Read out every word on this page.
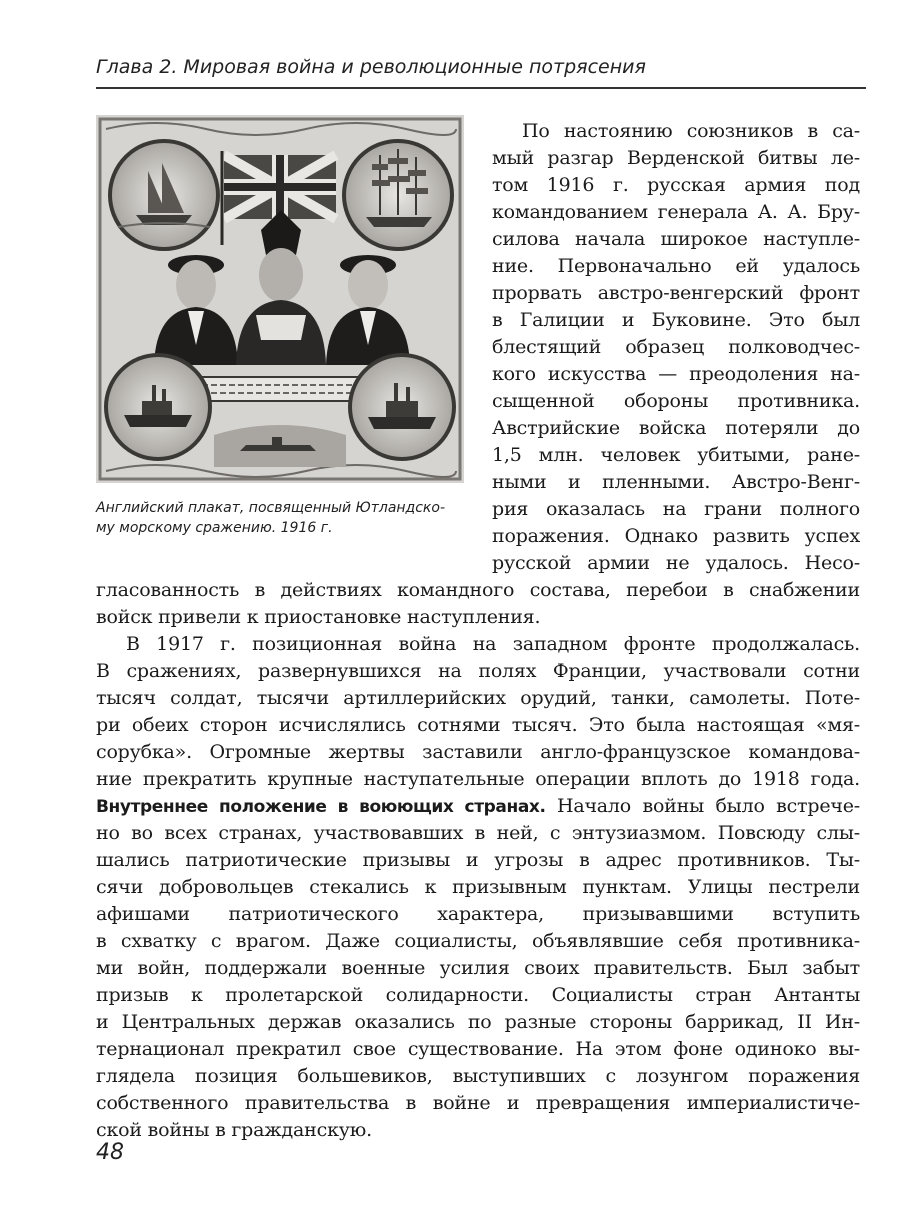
Глава 2. Мировая война и революционные потрясения
Английский плакат, посвященный Ютландско-
му морскому сражению. 1916 г.
По настоянию союзников в са-
мый разгар Верденской битвы ле-
том 1916 г. русская армия под
командованием генерала А. А. Бру-
силова начала широкое наступле-
ние. Первоначально ей удалось
прорвать австро-венгерский фронт
в Галиции и Буковине. Это был
блестящий образец полководчес-
кого искусства — преодоления на-
сыщенной обороны противника.
Австрийские войска потеряли до
1,5 млн. человек убитыми, ране-
ными и пленными. Австро-Венг-
рия оказалась на грани полного
поражения. Однако развить успех
русской армии не удалось. Несо-
гласованность в действиях командного состава, перебои в снабжении
войск привели к приостановке наступления.
В 1917 г. позиционная война на западном фронте продолжалась.
В сражениях, развернувшихся на полях Франции, участвовали сотни
тысяч солдат, тысячи артиллерийских орудий, танки, самолеты. Поте-
ри обеих сторон исчислялись сотнями тысяч. Это была настоящая «мя-
сорубка». Огромные жертвы заставили англо-французское командова-
ние прекратить крупные наступательные операции вплоть до 1918 года.
Внутреннее положение в воюющих странах. Начало войны было встрече-
но во всех странах, участвовавших в ней, с энтузиазмом. Повсюду слы-
шались патриотические призывы и угрозы в адрес противников. Ты-
сячи добровольцев стекались к призывным пунктам. Улицы пестрели
афишами патриотического характера, призывавшими вступить
в схватку с врагом. Даже социалисты, объявлявшие себя противника-
ми войн, поддержали военные усилия своих правительств. Был забыт
призыв к пролетарской солидарности. Социалисты стран Антанты
и Центральных держав оказались по разные стороны баррикад, II Ин-
тернационал прекратил свое существование. На этом фоне одиноко вы-
глядела позиция большевиков, выступивших с лозунгом поражения
собственного правительства в войне и превращения империалистиче-
ской войны в гражданскую.
48
